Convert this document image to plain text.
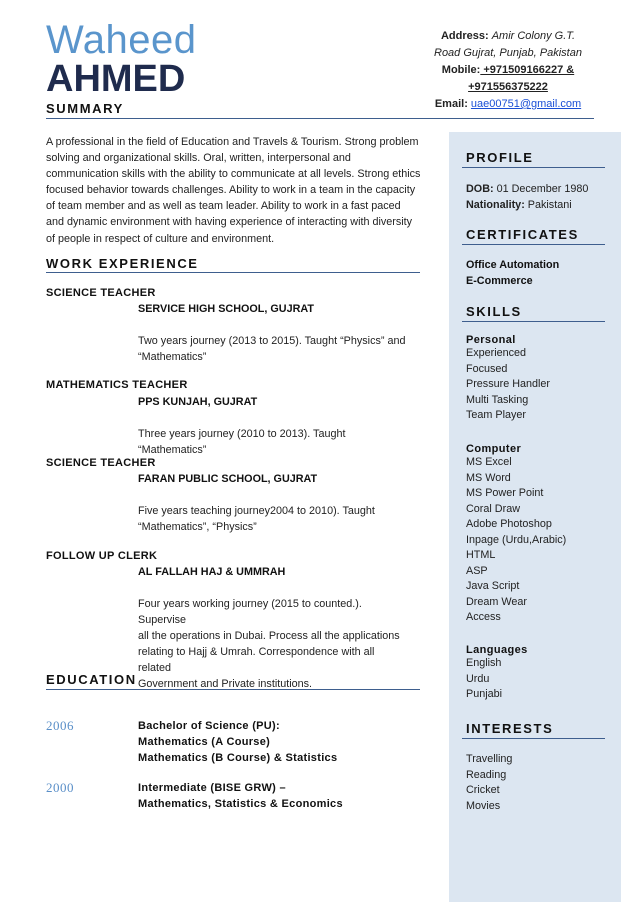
Waheed
AHMED
Address: Amir Colony G.T.
Road Gujrat, Punjab, Pakistan
Mobile: +971509166227 &
+971556375222
Email: uae00751@gmail.com
SUMMARY
A professional in the field of Education and Travels & Tourism. Strong problem
solving and organizational skills. Oral, written, interpersonal and
communication skills with the ability to communicate at all levels. Strong ethics
focused behavior towards challenges. Ability to work in a team in the capacity
of team member and as well as team leader. Ability to work in a fast paced
and dynamic environment with having experience of interacting with diversity
of people in respect of culture and environment.
WORK EXPERIENCE
SCIENCE TEACHER
SERVICE HIGH SCHOOL, GUJRAT
Two years journey (2013 to 2015). Taught “Physics” and
“Mathematics”
MATHEMATICS TEACHER
PPS KUNJAH, GUJRAT
Three years journey (2010 to 2013). Taught “Mathematics”
SCIENCE TEACHER
FARAN PUBLIC SCHOOL, GUJRAT
Five years teaching journey2004 to 2010). Taught
“Mathematics”, “Physics”
FOLLOW UP CLERK
AL FALLAH HAJ & UMMRAH
Four years working journey (2015 to counted.). Supervise
all the operations in Dubai. Process all the applications
relating to Hajj & Umrah. Correspondence with all related
Government and Private institutions.
EDUCATION
2006	Bachelor of Science (PU):
Mathematics (A Course)
Mathematics (B Course) & Statistics
2000	Intermediate (BISE GRW) –
Mathematics, Statistics & Economics
PROFILE
DOB: 01 December 1980
Nationality: Pakistani
CERTIFICATES
Office Automation
E-Commerce
SKILLS
Personal
Experienced
Focused
Pressure Handler
Multi Tasking
Team Player
Computer
MS Excel
MS Word
MS Power Point
Coral Draw
Adobe Photoshop
Inpage (Urdu,Arabic)
HTML
ASP
Java Script
Dream Wear
Access
Languages
English
Urdu
Punjabi
INTERESTS
Travelling
Reading
Cricket
Movies
